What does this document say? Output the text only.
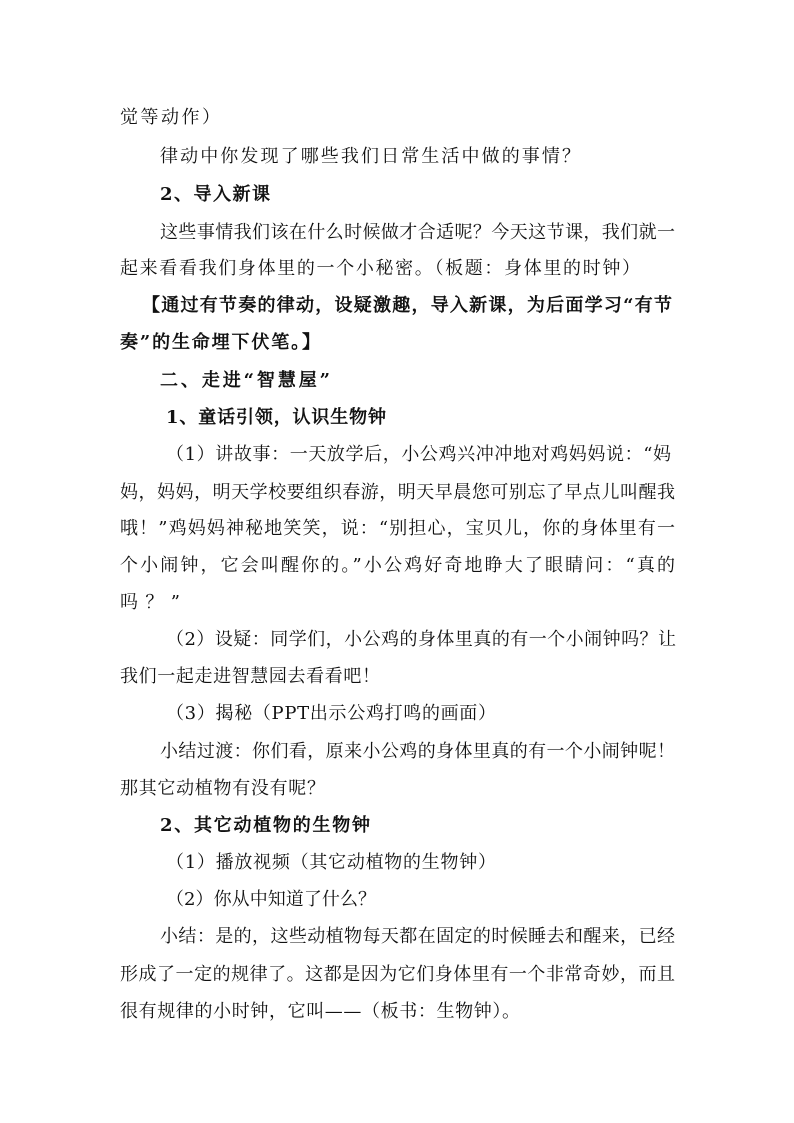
觉等动作）
律动中你发现了哪些我们日常生活中做的事情？
2、导入新课
这些事情我们该在什么时候做才合适呢？今天这节课，我们就一
起来看看我们身体里的一个小秘密。（板题：身体里的时钟）
【通过有节奏的律动，设疑激趣，导入新课，为后面学习“有节
奏”的生命埋下伏笔。】
二、走进“智慧屋”
1、童话引领，认识生物钟
（1）讲故事：一天放学后，小公鸡兴冲冲地对鸡妈妈说：“妈
妈，妈妈，明天学校要组织春游，明天早晨您可别忘了早点儿叫醒我
哦！”鸡妈妈神秘地笑笑，说：“别担心，宝贝儿，你的身体里有一
个小闹钟，它会叫醒你的。”小公鸡好奇地睁大了眼睛问：“真的
吗？”
（2）设疑：同学们，小公鸡的身体里真的有一个小闹钟吗？让
我们一起走进智慧园去看看吧！
（3）揭秘（PPT出示公鸡打鸣的画面）
小结过渡：你们看，原来小公鸡的身体里真的有一个小闹钟呢！
那其它动植物有没有呢？
2、其它动植物的生物钟
（1）播放视频（其它动植物的生物钟）
（2）你从中知道了什么？
小结：是的，这些动植物每天都在固定的时候睡去和醒来，已经
形成了一定的规律了。这都是因为它们身体里有一个非常奇妙，而且
很有规律的小时钟，它叫——（板书：生物钟）。
